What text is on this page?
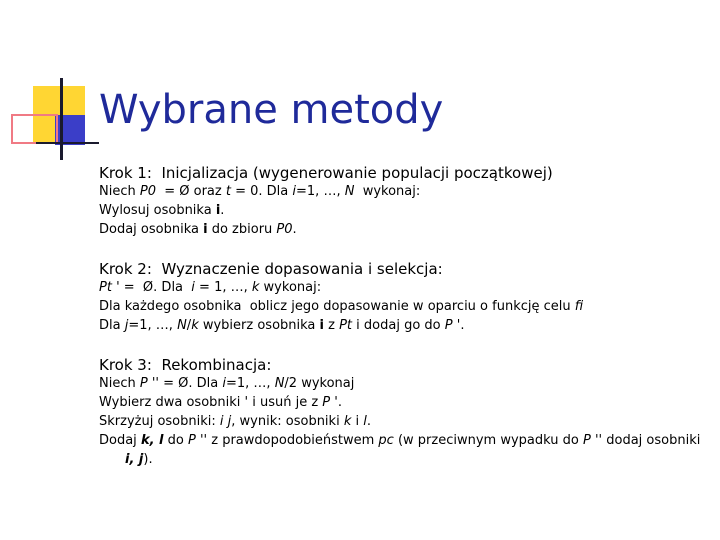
Wybrane metody
Krok 1:  Inicjalizacja (wygenerowanie populacji początkowej)
Niech P0  = Ø oraz t = 0. Dla i=1, …, N  wykonaj:
Wylosuj osobnika i.
Dodaj osobnika i do zbioru P0.
Krok 2:  Wyznaczenie dopasowania i selekcja:
Pt ' =  Ø. Dla  i = 1, …, k wykonaj:
Dla każdego osobnika  oblicz jego dopasowanie w oparciu o funkcję celu fi
Dla j=1, …, N/k wybierz osobnika i z Pt i dodaj go do P '.
Krok 3:  Rekombinacja:
Niech P '' = Ø. Dla i=1, …, N/2 wykonaj
Wybierz dwa osobniki ' i usuń je z P '.
Skrzyżuj osobniki: i j, wynik: osobniki k i l.
Dodaj k, l do P '' z prawdopodobieństwem pc (w przeciwnym wypadku do P '' dodaj osobniki i, j).
